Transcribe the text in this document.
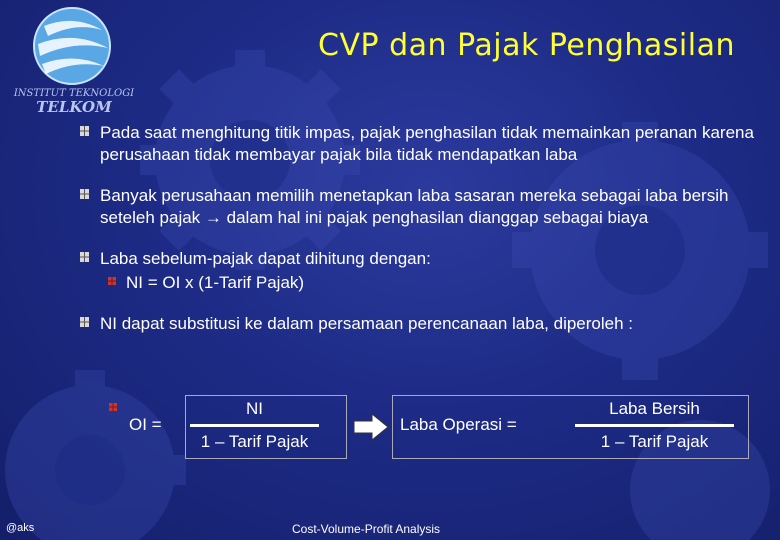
INSTITUT TEKNOLOGI
TELKOM
CVP dan Pajak Penghasilan
Pada saat menghitung titik impas, pajak penghasilan tidak memainkan peranan karena perusahaan tidak membayar pajak bila tidak mendapatkan laba
Banyak perusahaan memilih menetapkan laba sasaran mereka sebagai laba bersih seteleh pajak → dalam hal ini pajak penghasilan dianggap sebagai biaya
Laba sebelum-pajak dapat dihitung dengan:
NI = OI x (1-Tarif Pajak)
NI dapat substitusi ke dalam persamaan perencanaan laba, diperoleh :
OI =
NI
1 – Tarif Pajak
Laba Operasi =
Laba Bersih
1 – Tarif Pajak
@aks	Cost-Volume-Profit Analysis
